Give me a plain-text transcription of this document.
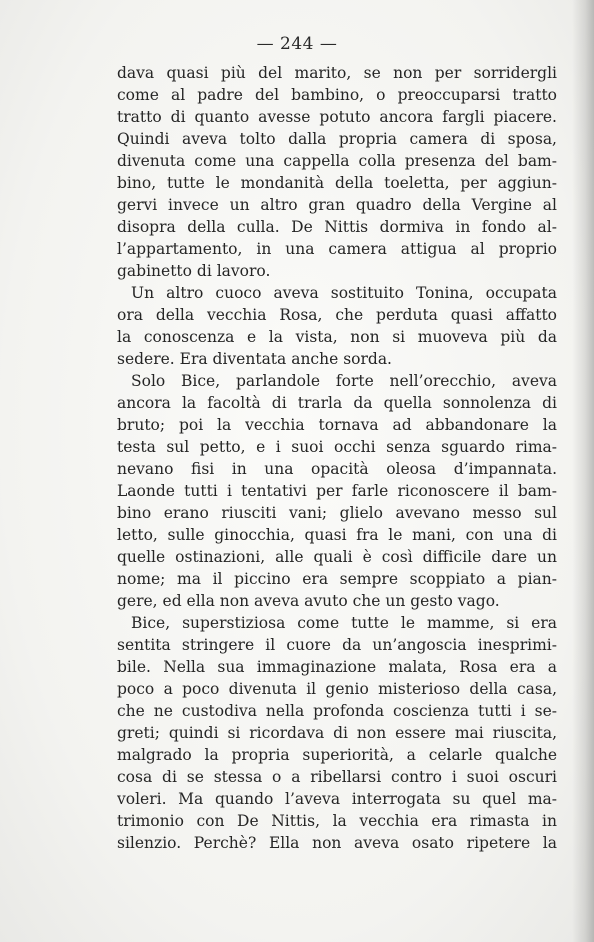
— 244 —
dava quasi più del marito, se non per sorridergli
come al padre del bambino, o preoccuparsi tratto
tratto di quanto avesse potuto ancora fargli piacere.
Quindi aveva tolto dalla propria camera di sposa,
divenuta come una cappella colla presenza del bam-
bino, tutte le mondanità della toeletta, per aggiun-
gervi invece un altro gran quadro della Vergine al
disopra della culla. De Nittis dormiva in fondo al-
l’appartamento, in una camera attigua al proprio
gabinetto di lavoro.
Un altro cuoco aveva sostituito Tonina, occupata
ora della vecchia Rosa, che perduta quasi affatto
la conoscenza e la vista, non si muoveva più da
sedere. Era diventata anche sorda.
Solo Bice, parlandole forte nell’orecchio, aveva
ancora la facoltà di trarla da quella sonnolenza di
bruto; poi la vecchia tornava ad abbandonare la
testa sul petto, e i suoi occhi senza sguardo rima-
nevano fisi in una opacità oleosa d’impannata.
Laonde tutti i tentativi per farle riconoscere il bam-
bino erano riusciti vani; glielo avevano messo sul
letto, sulle ginocchia, quasi fra le mani, con una di
quelle ostinazioni, alle quali è così difficile dare un
nome; ma il piccino era sempre scoppiato a pian-
gere, ed ella non aveva avuto che un gesto vago.
Bice, superstiziosa come tutte le mamme, si era
sentita stringere il cuore da un’angoscia inesprimi-
bile. Nella sua immaginazione malata, Rosa era a
poco a poco divenuta il genio misterioso della casa,
che ne custodiva nella profonda coscienza tutti i se-
greti; quindi si ricordava di non essere mai riuscita,
malgrado la propria superiorità, a celarle qualche
cosa di se stessa o a ribellarsi contro i suoi oscuri
voleri. Ma quando l’aveva interrogata su quel ma-
trimonio con De Nittis, la vecchia era rimasta in
silenzio. Perchè? Ella non aveva osato ripetere la
